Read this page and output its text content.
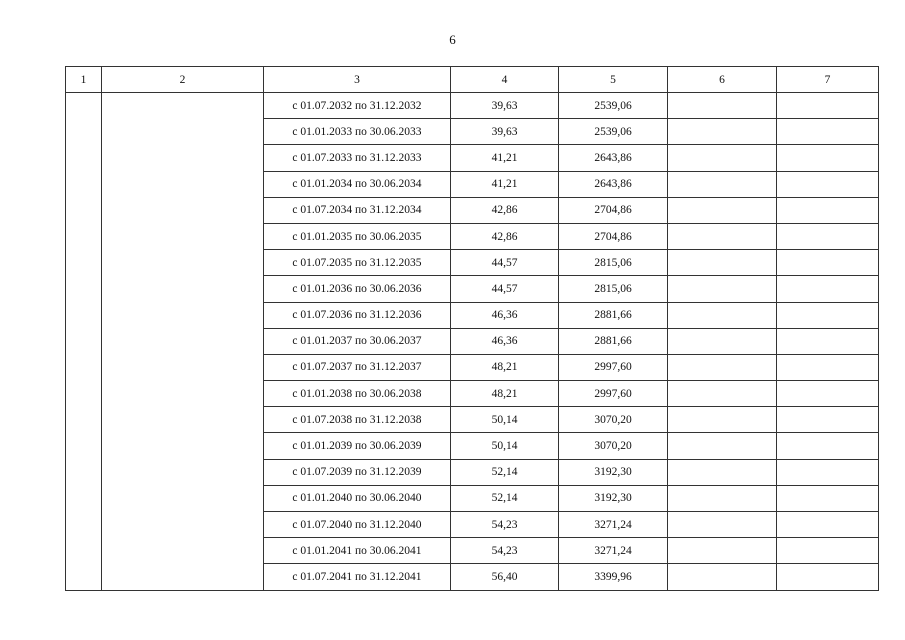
6
1	2	3	4	5	6	7
		с 01.07.2032 по 31.12.2032	39,63	2539,06		
		с 01.01.2033 по 30.06.2033	39,63	2539,06		
		с 01.07.2033 по 31.12.2033	41,21	2643,86		
		с 01.01.2034 по 30.06.2034	41,21	2643,86		
		с 01.07.2034 по 31.12.2034	42,86	2704,86		
		с 01.01.2035 по 30.06.2035	42,86	2704,86		
		с 01.07.2035 по 31.12.2035	44,57	2815,06		
		с 01.01.2036 по 30.06.2036	44,57	2815,06		
		с 01.07.2036 по 31.12.2036	46,36	2881,66		
		с 01.01.2037 по 30.06.2037	46,36	2881,66		
		с 01.07.2037 по 31.12.2037	48,21	2997,60		
		с 01.01.2038 по 30.06.2038	48,21	2997,60		
		с 01.07.2038 по 31.12.2038	50,14	3070,20		
		с 01.01.2039 по 30.06.2039	50,14	3070,20		
		с 01.07.2039 по 31.12.2039	52,14	3192,30		
		с 01.01.2040 по 30.06.2040	52,14	3192,30		
		с 01.07.2040 по 31.12.2040	54,23	3271,24		
		с 01.01.2041 по 30.06.2041	54,23	3271,24		
		с 01.07.2041 по 31.12.2041	56,40	3399,96		
